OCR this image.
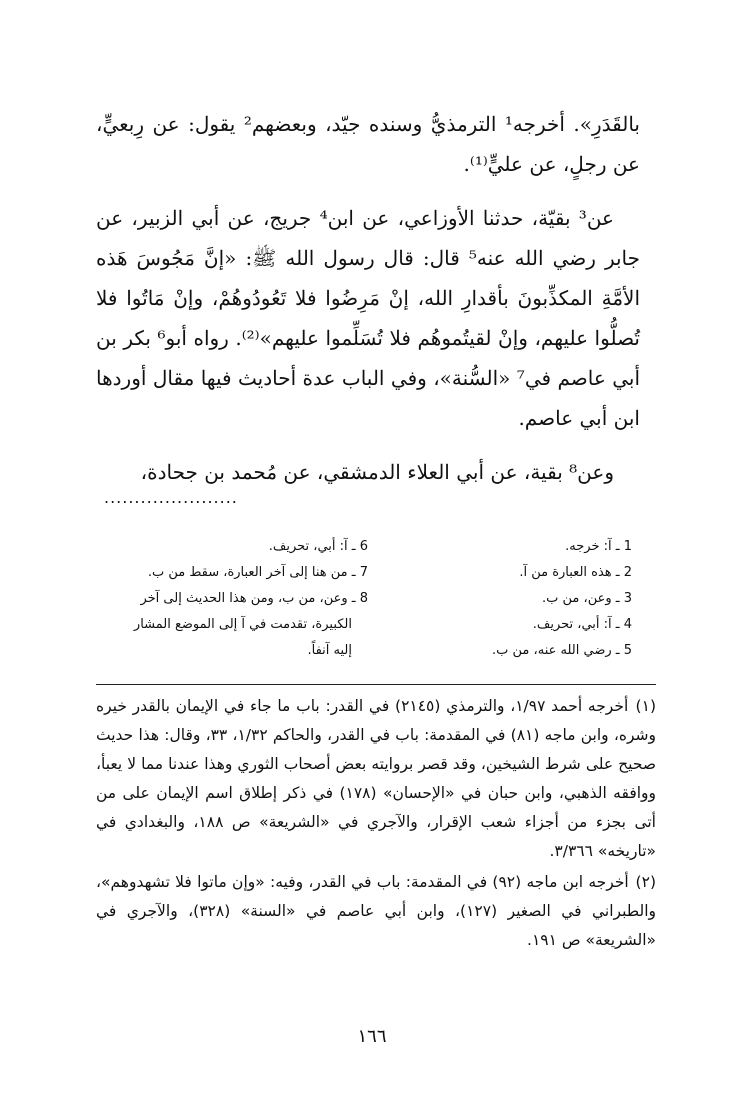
بالقَدَرِ». أخرجه¹ الترمذيُّ وسنده جيّد، وبعضهم² يقول: عن رِبعيٍّ، عن رجلٍ، عن عليٍّ⁽¹⁾.

عن³ بقيّة، حدثنا الأوزاعي، عن ابن⁴ جريج، عن أبي الزبير، عن جابر رضي الله عنه⁵ قال: قال رسول الله ﷺ: «إنَّ مَجُوسَ هَذه الأمَّةِ المكذِّبونَ بأقدارِ الله، إنْ مَرِضُوا فلا تَعُودُوهُمْ، وإنْ مَاتُوا فلا تُصلُّوا عليهم، وإنْ لقيتُموهُم فلا تُسَلِّموا عليهم»⁽²⁾. رواه أبو⁶ بكر بن أبي عاصم في⁷ «السُّنة»، وفي الباب عدة أحاديث فيها مقال أوردها ابن أبي عاصم.

وعن⁸ بقية، عن أبي العلاء الدمشقي، عن مُحمد بن جحادة،

......................
1 ـ آ: خرجه.
2 ـ هذه العبارة من آ.
3 ـ وعن، من ب.
4 ـ آ: أبي، تحريف.
5 ـ رضي الله عنه، من ب.
6 ـ آ: أبي، تحريف.
7 ـ من هنا إلى آخر العبارة، سقط من ب.
8 ـ وعن، من ب، ومن هذا الحديث إلى آخر
الكبيرة، تقدمت في آ إلى الموضع المشار
إليه آنفاً.

(١) أخرجه أحمد ١/٩٧، والترمذي (٢١٤٥) في القدر: باب ما جاء في الإيمان بالقدر خيره وشره، وابن ماجه (٨١) في المقدمة: باب في القدر، والحاكم ١/٣٢، ٣٣، وقال: هذا حديث صحيح على شرط الشيخين، وقد قصر بروايته بعض أصحاب الثوري وهذا عندنا مما لا يعبأ، ووافقه الذهبي، وابن حبان في «الإحسان» (١٧٨) في ذكر إطلاق اسم الإيمان على من أتى بجزء من أجزاء شعب الإقرار، والآجري في «الشريعة» ص ١٨٨، والبغدادي في «تاريخه» ٣/٣٦٦.

(٢) أخرجه ابن ماجه (٩٢) في المقدمة: باب في القدر، وفيه: «وإن ماتوا فلا تشهدوهم»، والطبراني في الصغير (١٢٧)، وابن أبي عاصم في «السنة» (٣٢٨)، والآجري في «الشريعة» ص ١٩١.

١٦٦
